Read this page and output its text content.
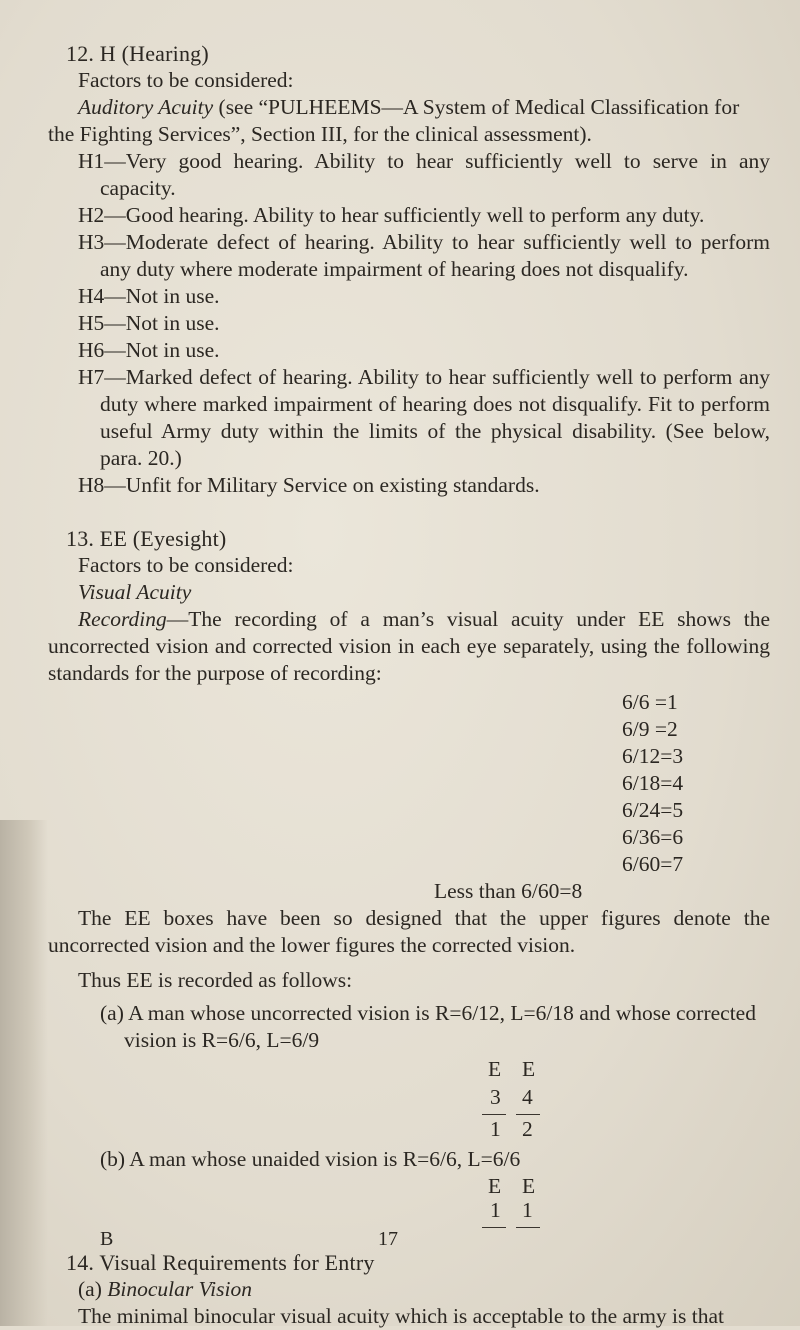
12. H (Hearing)

Factors to be considered:

Auditory Acuity (see “PULHEEMS—A System of Medical Classification for

the Fighting Services”, Section III, for the clinical assessment).

H1—Very good hearing. Ability to hear sufficiently well to serve in any capacity.

H2—Good hearing. Ability to hear sufficiently well to perform any duty.

H3—Moderate defect of hearing. Ability to hear sufficiently well to perform any duty where moderate impairment of hearing does not disqualify.

H4—Not in use.

H5—Not in use.

H6—Not in use.

H7—Marked defect of hearing. Ability to hear sufficiently well to perform any duty where marked impairment of hearing does not disqualify. Fit to perform useful Army duty within the limits of the physical disability. (See below, para. 20.)

H8—Unfit for Military Service on existing standards.

13. EE (Eyesight)

Factors to be considered:

Visual Acuity

Recording—The recording of a man’s visual acuity under EE shows the uncorrected vision and corrected vision in each eye separately, using the following standards for the purpose of recording:

6/6 =1
6/9 =2
6/12=3
6/18=4
6/24=5
6/36=6
6/60=7
Less than 6/60=8

The EE boxes have been so designed that the upper figures denote the uncorrected vision and the lower figures the corrected vision.

Thus EE is recorded as follows:

(a) A man whose uncorrected vision is R=6/12, L=6/18 and whose corrected vision is R=6/6, L=6/9

E E
3 4
1 2

(b) A man whose unaided vision is R=6/6, L=6/6

E E
1 1

14. Visual Requirements for Entry

(a) Binocular Vision

The minimal binocular visual acuity which is acceptable to the army is that

B	17
